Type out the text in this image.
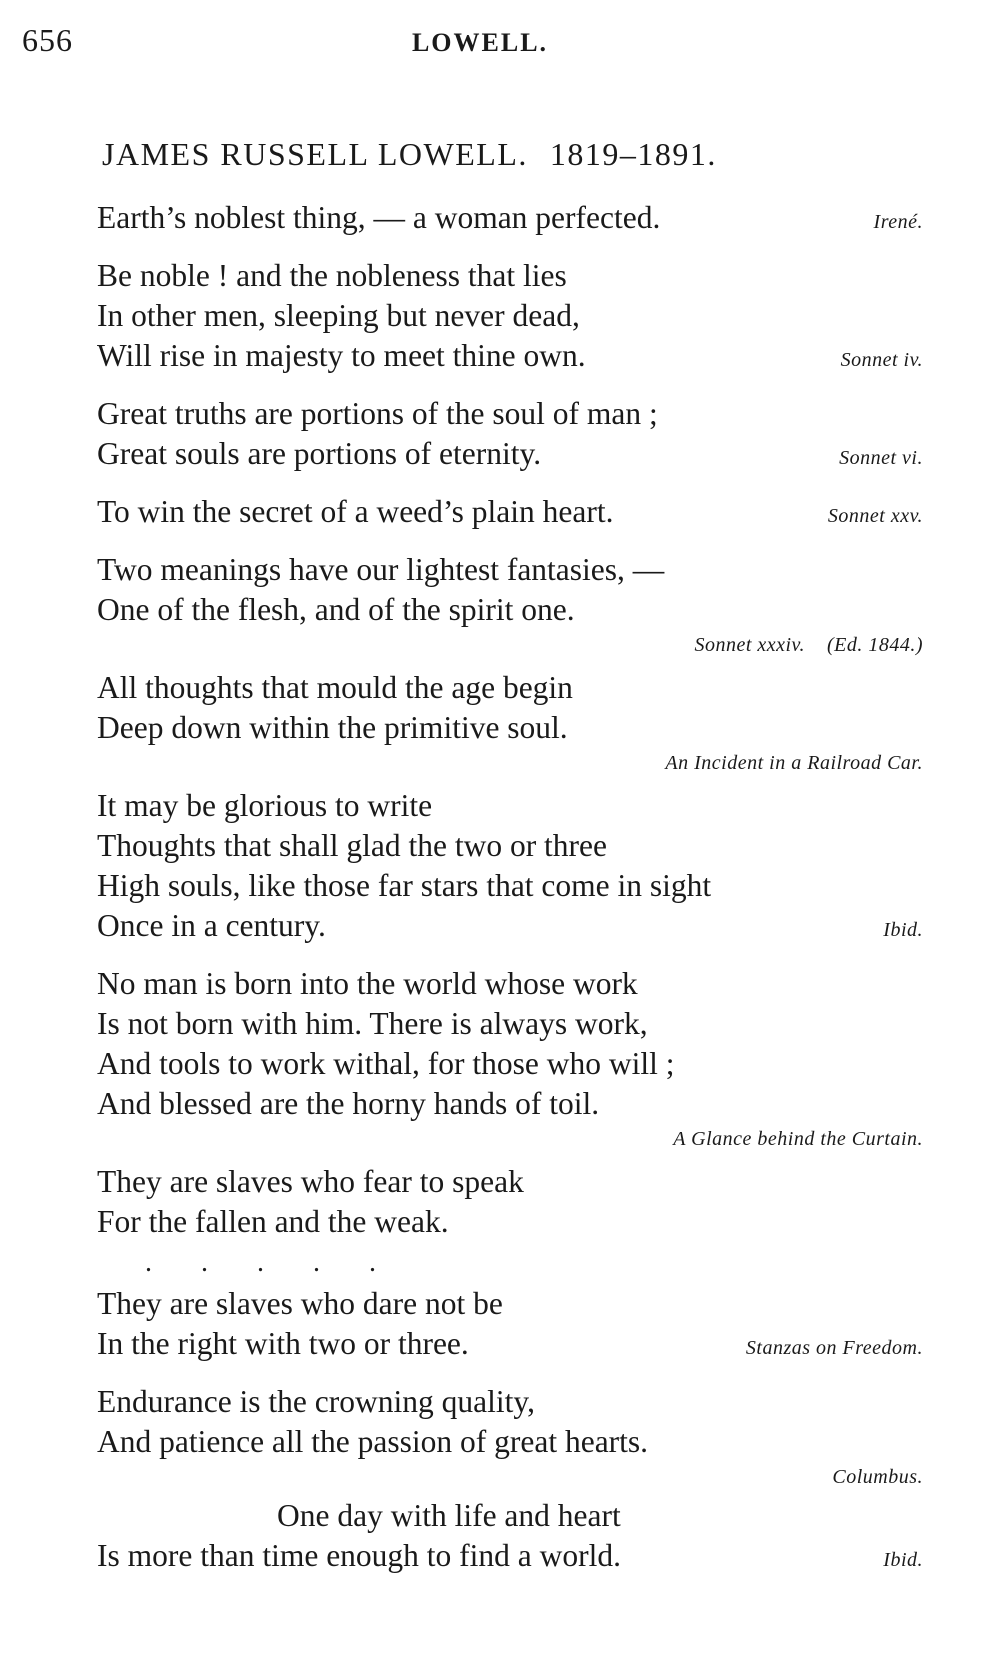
656	LOWELL.
JAMES RUSSELL LOWELL. 1819–1891.
Earth’s noblest thing, — a woman perfected.	Irené.
Be noble ! and the nobleness that lies
In other men, sleeping but never dead,
Will rise in majesty to meet thine own.	Sonnet iv.
Great truths are portions of the soul of man ;
Great souls are portions of eternity.	Sonnet vi.
To win the secret of a weed’s plain heart.	Sonnet xxv.
Two meanings have our lightest fantasies, —
One of the flesh, and of the spirit one.
Sonnet xxxiv. (Ed. 1844.)
All thoughts that mould the age begin
Deep down within the primitive soul.
An Incident in a Railroad Car.
It may be glorious to write
Thoughts that shall glad the two or three
High souls, like those far stars that come in sight
Once in a century.	Ibid.
No man is born into the world whose work
Is not born with him. There is always work,
And tools to work withal, for those who will ;
And blessed are the horny hands of toil.
A Glance behind the Curtain.
They are slaves who fear to speak
For the fallen and the weak.
.       .       .       .       .
They are slaves who dare not be
In the right with two or three.	Stanzas on Freedom.
Endurance is the crowning quality,
And patience all the passion of great hearts.
Columbus.
One day with life and heart
Is more than time enough to find a world.	Ibid.
